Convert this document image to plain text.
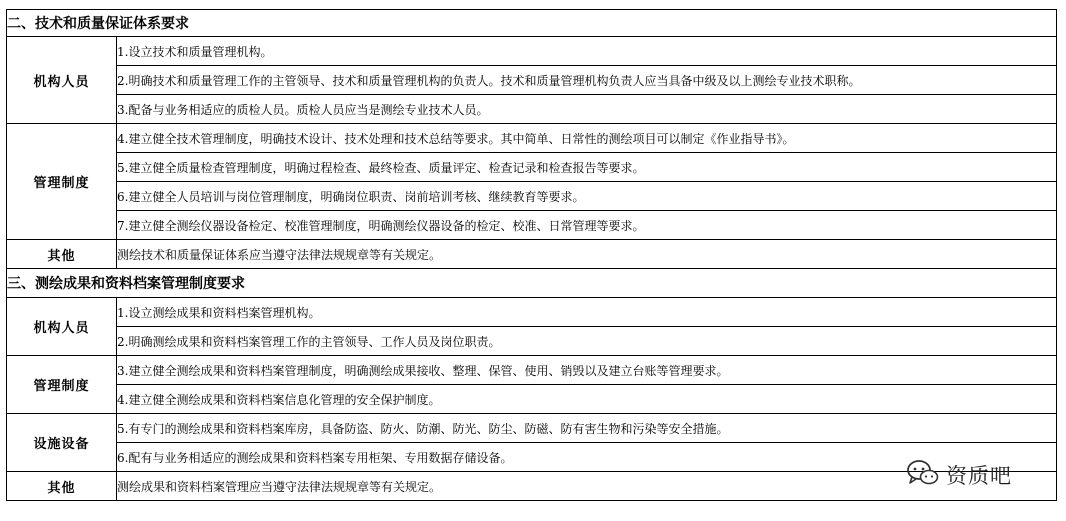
二、技术和质量保证体系要求	
机构人员	1.设立技术和质量管理机构。
	2.明确技术和质量管理工作的主管领导、技术和质量管理机构的负责人。技术和质量管理机构负责人应当具备中级及以上测绘专业技术职称。
	3.配备与业务相适应的质检人员。质检人员应当是测绘专业技术人员。
管理制度	4.建立健全技术管理制度，明确技术设计、技术处理和技术总结等要求。其中简单、日常性的测绘项目可以制定《作业指导书》。
	5.建立健全质量检查管理制度，明确过程检查、最终检查、质量评定、检查记录和检查报告等要求。
	6.建立健全人员培训与岗位管理制度，明确岗位职责、岗前培训考核、继续教育等要求。
	7.建立健全测绘仪器设备检定、校准管理制度，明确测绘仪器设备的检定、校准、日常管理等要求。
其他	测绘技术和质量保证体系应当遵守法律法规规章等有关规定。
三、测绘成果和资料档案管理制度要求	
机构人员	1.设立测绘成果和资料档案管理机构。
	2.明确测绘成果和资料档案管理工作的主管领导、工作人员及岗位职责。
管理制度	3.建立健全测绘成果和资料档案管理制度，明确测绘成果接收、整理、保管、使用、销毁以及建立台账等管理要求。
	4.建立健全测绘成果和资料档案信息化管理的安全保护制度。
设施设备	5.有专门的测绘成果和资料档案库房，具备防盗、防火、防潮、防光、防尘、防磁、防有害生物和污染等安全措施。
	6.配有与业务相适应的测绘成果和资料档案专用柜架、专用数据存储设备。
其他	测绘成果和资料档案管理应当遵守法律法规规章等有关规定。	资质吧
